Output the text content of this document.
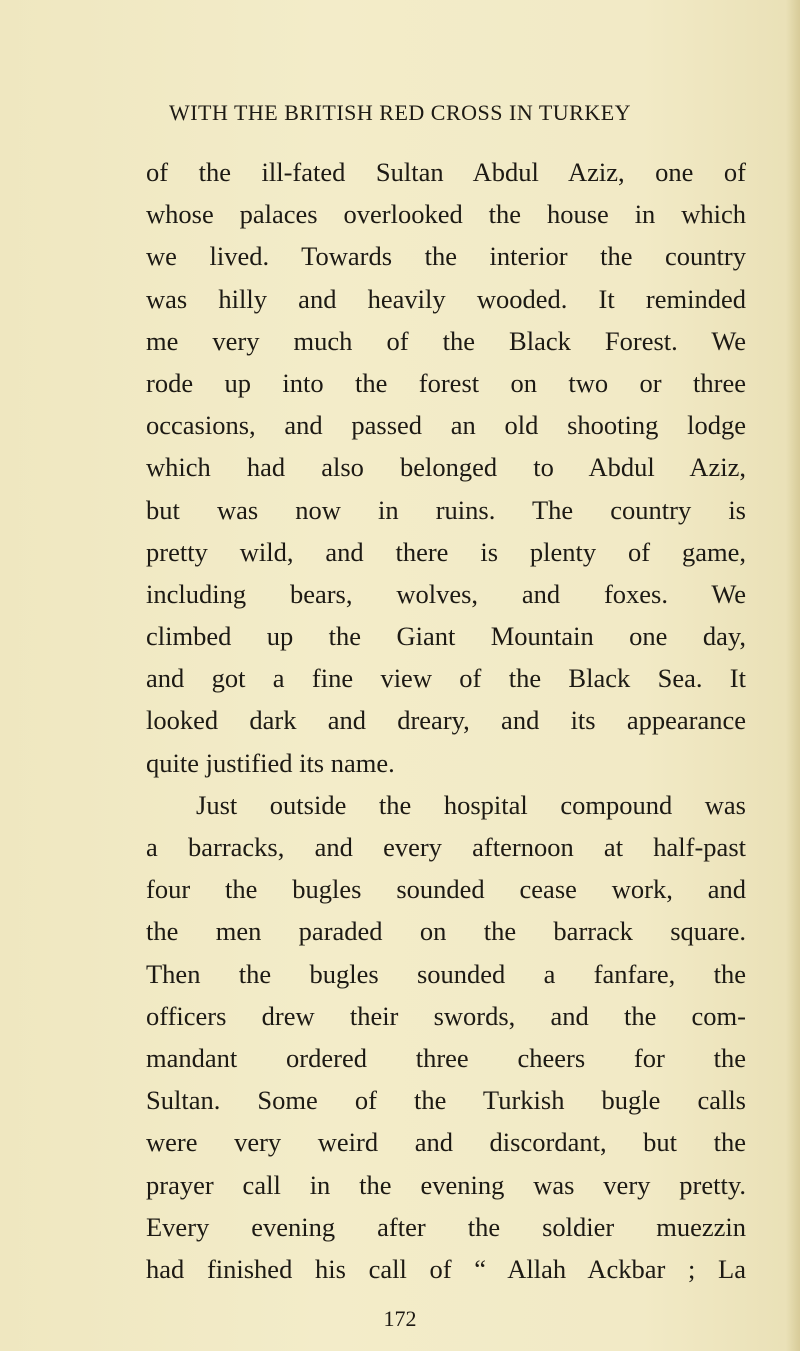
WITH THE BRITISH RED CROSS IN TURKEY
of the ill-fated Sultan Abdul Aziz, one of
whose palaces overlooked the house in which
we lived. Towards the interior the country
was hilly and heavily wooded. It reminded
me very much of the Black Forest. We
rode up into the forest on two or three
occasions, and passed an old shooting lodge
which had also belonged to Abdul Aziz,
but was now in ruins. The country is
pretty wild, and there is plenty of game,
including bears, wolves, and foxes. We
climbed up the Giant Mountain one day,
and got a fine view of the Black Sea. It
looked dark and dreary, and its appearance
quite justified its name.
Just outside the hospital compound was
a barracks, and every afternoon at half-past
four the bugles sounded cease work, and
the men paraded on the barrack square.
Then the bugles sounded a fanfare, the
officers drew their swords, and the com-
mandant ordered three cheers for the
Sultan. Some of the Turkish bugle calls
were very weird and discordant, but the
prayer call in the evening was very pretty.
Every evening after the soldier muezzin
had finished his call of “ Allah Ackbar ; La
172
